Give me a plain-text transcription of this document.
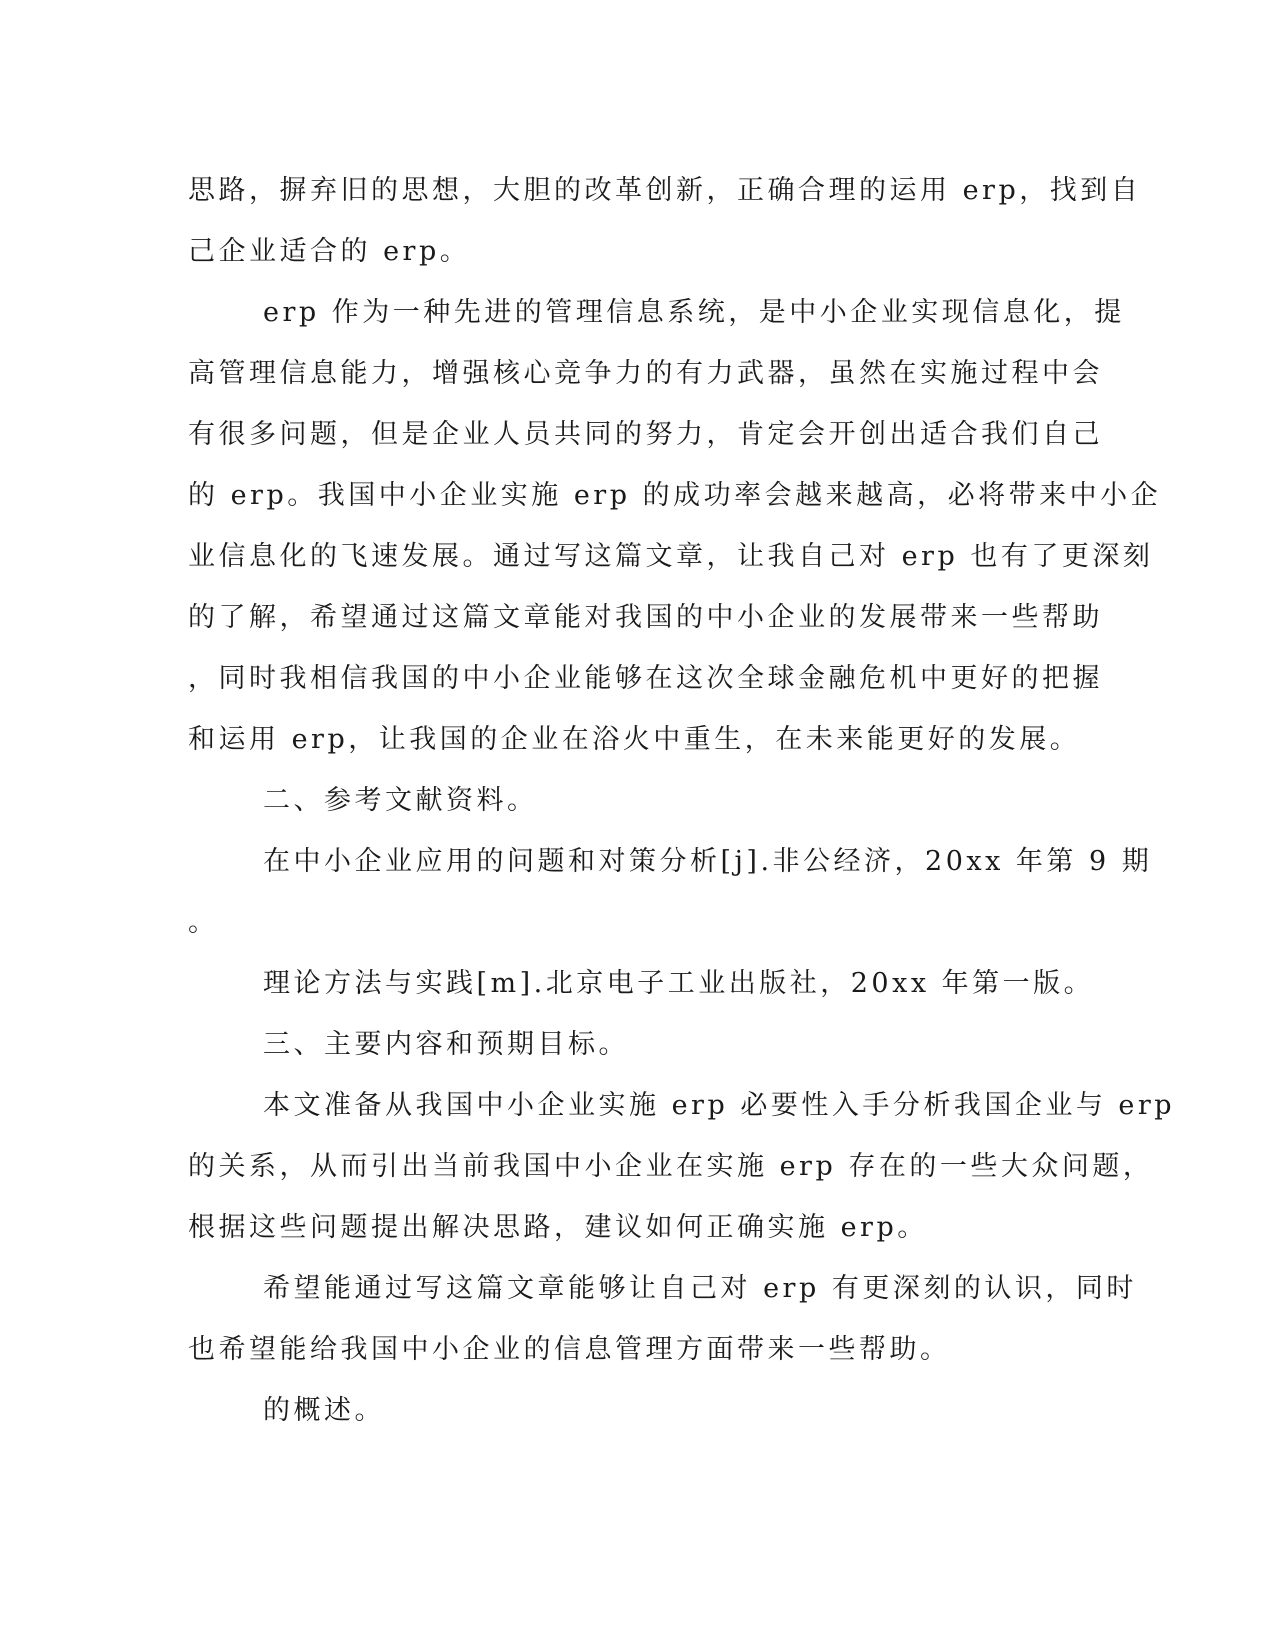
思路，摒弃旧的思想，大胆的改革创新，正确合理的运用 erp，找到自
己企业适合的 erp。
erp 作为一种先进的管理信息系统，是中小企业实现信息化，提
高管理信息能力，增强核心竞争力的有力武器，虽然在实施过程中会
有很多问题，但是企业人员共同的努力，肯定会开创出适合我们自己
的 erp。我国中小企业实施 erp 的成功率会越来越高，必将带来中小企
业信息化的飞速发展。通过写这篇文章，让我自己对 erp 也有了更深刻
的了解，希望通过这篇文章能对我国的中小企业的发展带来一些帮助
，同时我相信我国的中小企业能够在这次全球金融危机中更好的把握
和运用 erp，让我国的企业在浴火中重生，在未来能更好的发展。
二、参考文献资料。
在中小企业应用的问题和对策分析[j].非公经济，20xx 年第 9 期
。
理论方法与实践[m].北京电子工业出版社，20xx 年第一版。
三、主要内容和预期目标。
本文准备从我国中小企业实施 erp 必要性入手分析我国企业与 erp
的关系，从而引出当前我国中小企业在实施 erp 存在的一些大众问题，
根据这些问题提出解决思路，建议如何正确实施 erp。
希望能通过写这篇文章能够让自己对 erp 有更深刻的认识，同时
也希望能给我国中小企业的信息管理方面带来一些帮助。
的概述。
